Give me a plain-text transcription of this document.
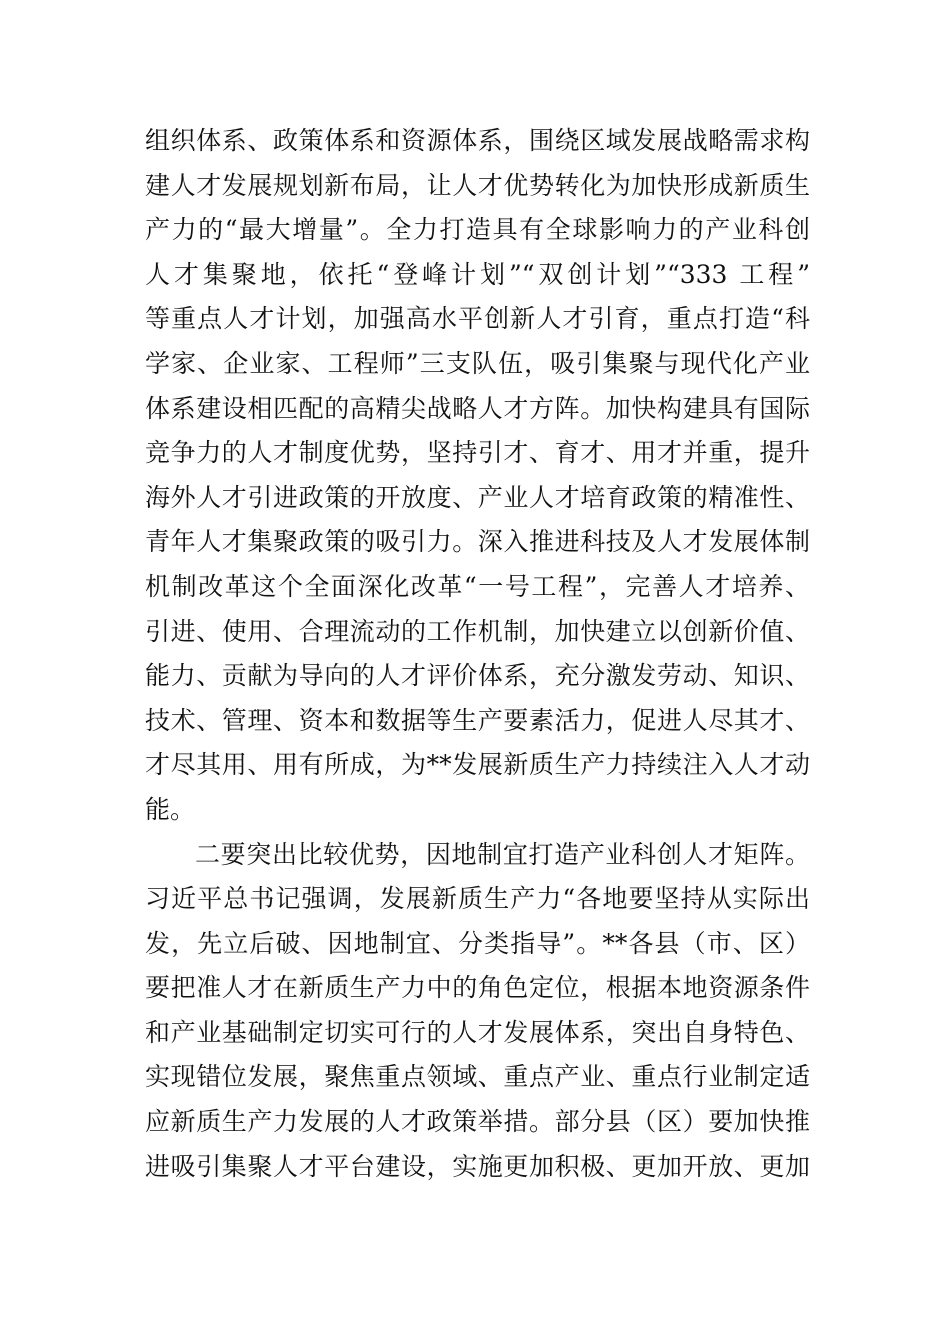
组织体系、政策体系和资源体系，围绕区域发展战略需求构
建人才发展规划新布局，让人才优势转化为加快形成新质生
产力的“最大增量”。全力打造具有全球影响力的产业科创
人才集聚地，依托“登峰计划”“双创计划”“333 工程”
等重点人才计划，加强高水平创新人才引育，重点打造“科
学家、企业家、工程师”三支队伍，吸引集聚与现代化产业
体系建设相匹配的高精尖战略人才方阵。加快构建具有国际
竞争力的人才制度优势，坚持引才、育才、用才并重，提升
海外人才引进政策的开放度、产业人才培育政策的精准性、
青年人才集聚政策的吸引力。深入推进科技及人才发展体制
机制改革这个全面深化改革“一号工程”，完善人才培养、
引进、使用、合理流动的工作机制，加快建立以创新价值、
能力、贡献为导向的人才评价体系，充分激发劳动、知识、
技术、管理、资本和数据等生产要素活力，促进人尽其才、
才尽其用、用有所成，为**发展新质生产力持续注入人才动
能。
二要突出比较优势，因地制宜打造产业科创人才矩阵。
习近平总书记强调，发展新质生产力“各地要坚持从实际出
发，先立后破、因地制宜、分类指导”。**各县（市、区）
要把准人才在新质生产力中的角色定位，根据本地资源条件
和产业基础制定切实可行的人才发展体系，突出自身特色、
实现错位发展，聚焦重点领域、重点产业、重点行业制定适
应新质生产力发展的人才政策举措。部分县（区）要加快推
进吸引集聚人才平台建设，实施更加积极、更加开放、更加
